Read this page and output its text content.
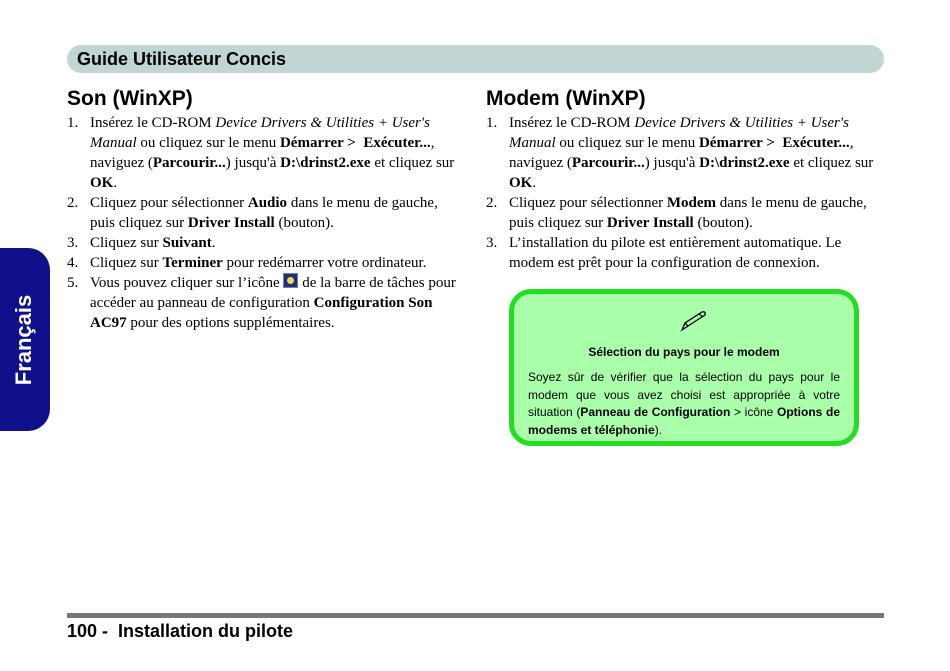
Guide Utilisateur Concis
Français
Son (WinXP)
1. Insérez le CD-ROM Device Drivers & Utilities + User's Manual ou cliquez sur le menu Démarrer >  Exécuter..., naviguez (Parcourir...) jusqu'à D:\drinst2.exe et cliquez sur OK.
2. Cliquez pour sélectionner Audio dans le menu de gauche, puis cliquez sur Driver Install (bouton).
3. Cliquez sur Suivant.
4. Cliquez sur Terminer pour redémarrer votre ordinateur.
5. Vous pouvez cliquer sur l’icône  de la barre de tâches pour accéder au panneau de configuration Configuration Son AC97 pour des options supplémentaires.
Modem (WinXP)
1. Insérez le CD-ROM Device Drivers & Utilities + User's Manual ou cliquez sur le menu Démarrer >  Exécuter..., naviguez (Parcourir...) jusqu'à D:\drinst2.exe et cliquez sur OK.
2. Cliquez pour sélectionner Modem dans le menu de gauche, puis cliquez sur Driver Install (bouton).
3. L’installation du pilote est entièrement automatique. Le modem est prêt pour la configuration de connexion.
Sélection du pays pour le modem
Soyez sûr de vérifier que la sélection du pays pour le modem que vous avez choisi est appropriée à votre situation (Panneau de Configuration > icône Options de modems et téléphonie).
100 -  Installation du pilote
